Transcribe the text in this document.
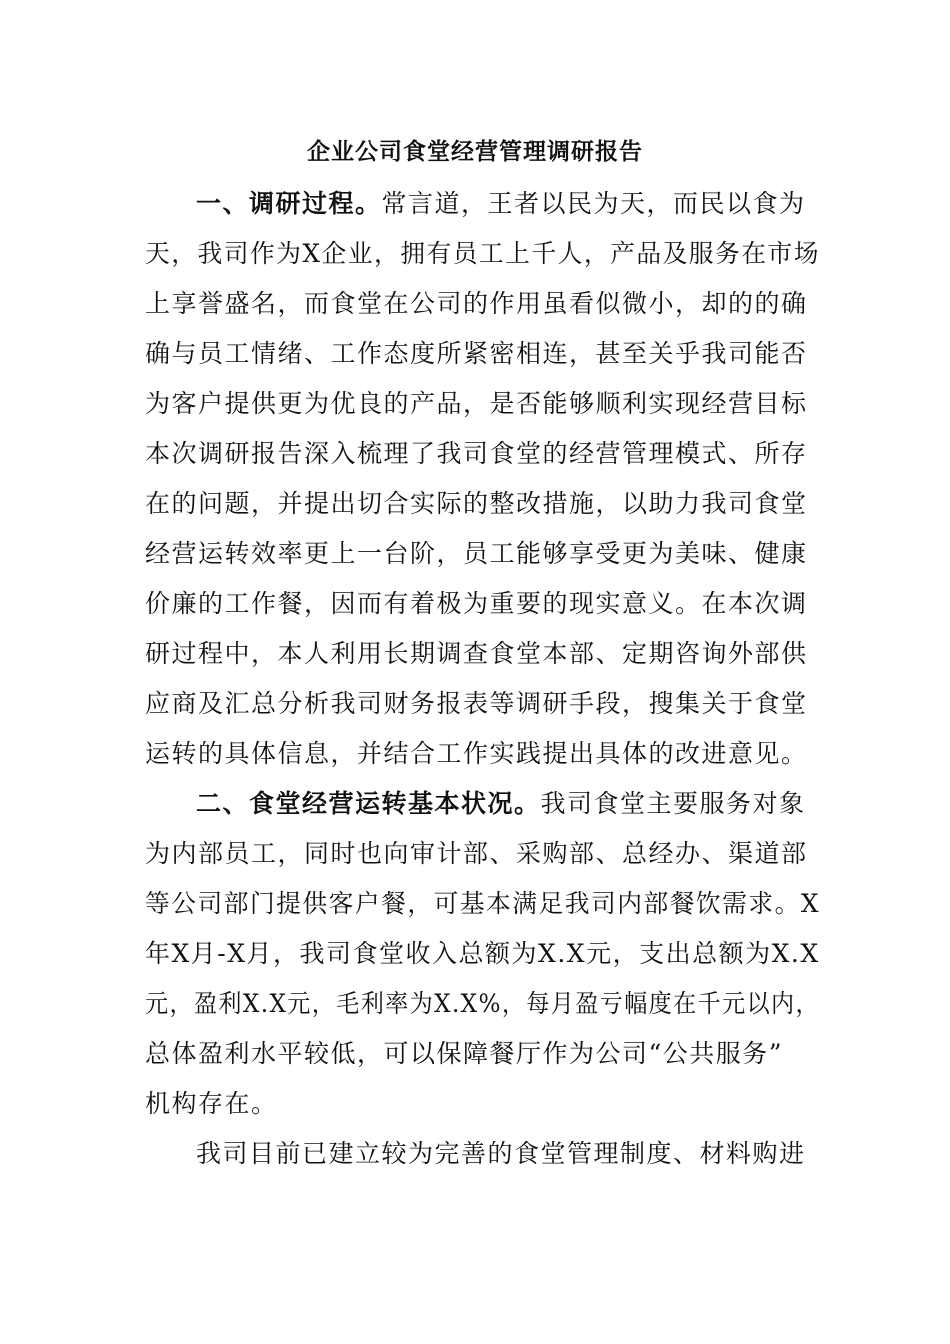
企业公司食堂经营管理调研报告
一、调研过程。常言道，王者以民为天，而民以食为
天，我司作为X企业，拥有员工上千人，产品及服务在市场
上享誉盛名，而食堂在公司的作用虽看似微小，却的的确
确与员工情绪、工作态度所紧密相连，甚至关乎我司能否
为客户提供更为优良的产品，是否能够顺利实现经营目标
本次调研报告深入梳理了我司食堂的经营管理模式、所存
在的问题，并提出切合实际的整改措施，以助力我司食堂
经营运转效率更上一台阶，员工能够享受更为美味、健康
价廉的工作餐，因而有着极为重要的现实意义。在本次调
研过程中，本人利用长期调查食堂本部、定期咨询外部供
应商及汇总分析我司财务报表等调研手段，搜集关于食堂
运转的具体信息，并结合工作实践提出具体的改进意见。
二、食堂经营运转基本状况。我司食堂主要服务对象
为内部员工，同时也向审计部、采购部、总经办、渠道部
等公司部门提供客户餐，可基本满足我司内部餐饮需求。X
年X月-X月，我司食堂收入总额为X.X元，支出总额为X.X
元，盈利X.X元，毛利率为X.X%，每月盈亏幅度在千元以内，
总体盈利水平较低，可以保障餐厅作为公司“公共服务”
机构存在。
我司目前已建立较为完善的食堂管理制度、材料购进
